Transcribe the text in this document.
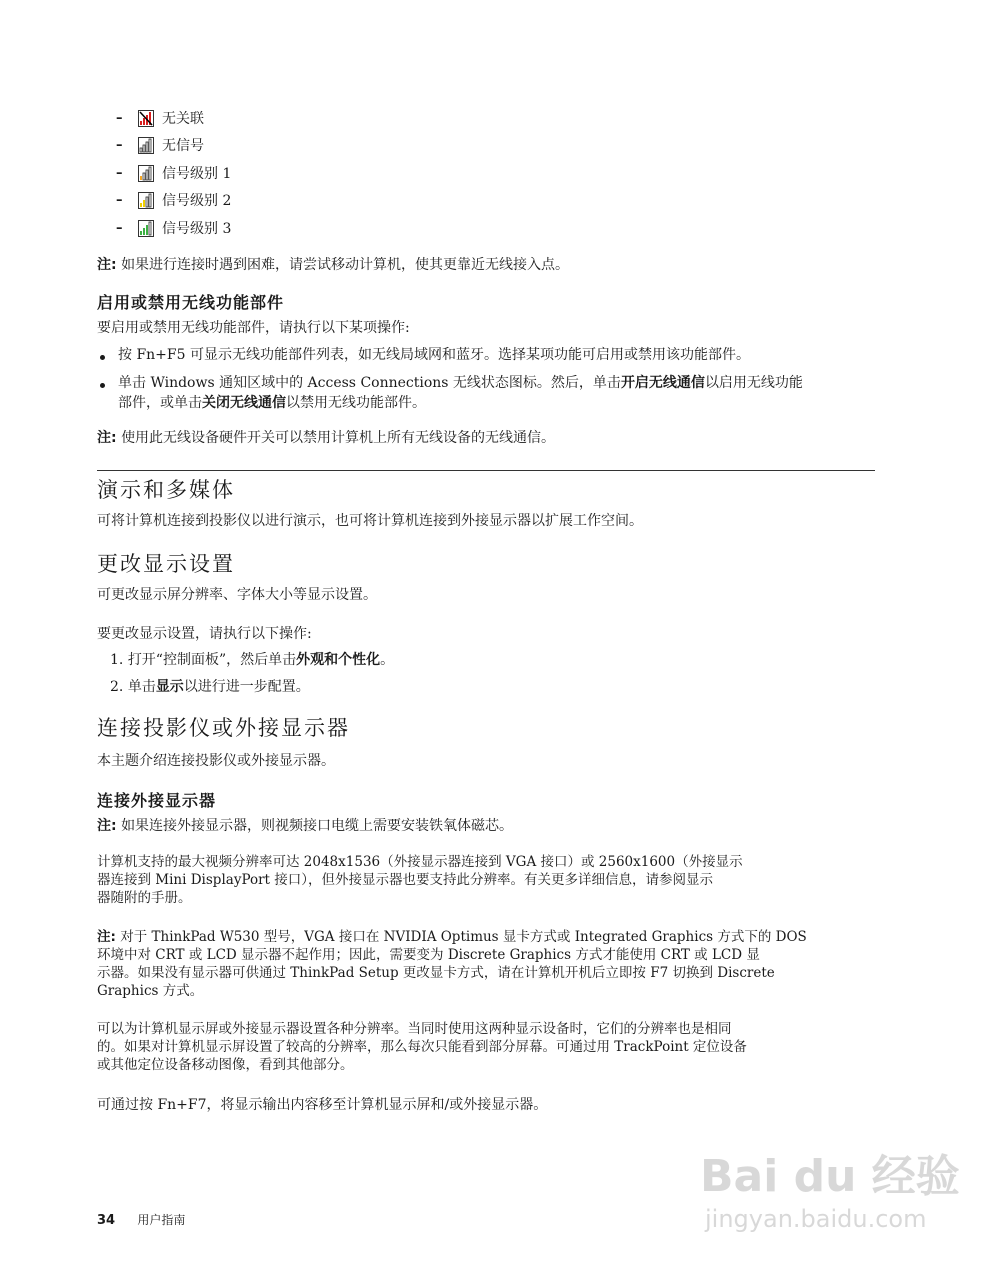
–	无关联
–	无信号
–	信号级别 1
–	信号级别 2
–	信号级别 3
注: 如果进行连接时遇到困难，请尝试移动计算机，使其更靠近无线接入点。
启用或禁用无线功能部件
要启用或禁用无线功能部件，请执行以下某项操作:
按 Fn+F5 可显示无线功能部件列表，如无线局域网和蓝牙。选择某项功能可启用或禁用该功能部件。
单击 Windows 通知区域中的 Access Connections 无线状态图标。然后，单击开启无线通信以启用无线功能
部件，或单击关闭无线通信以禁用无线功能部件。
注: 使用此无线设备硬件开关可以禁用计算机上所有无线设备的无线通信。
演示和多媒体
可将计算机连接到投影仪以进行演示，也可将计算机连接到外接显示器以扩展工作空间。
更改显示设置
可更改显示屏分辨率、字体大小等显示设置。
要更改显示设置，请执行以下操作:
1. 打开“控制面板”，然后单击外观和个性化。
2. 单击显示以进行进一步配置。
连接投影仪或外接显示器
本主题介绍连接投影仪或外接显示器。
连接外接显示器
注: 如果连接外接显示器，则视频接口电缆上需要安装铁氧体磁芯。
计算机支持的最大视频分辨率可达 2048x1536（外接显示器连接到 VGA 接口）或 2560x1600（外接显示
器连接到 Mini DisplayPort 接口），但外接显示器也要支持此分辨率。有关更多详细信息，请参阅显示
器随附的手册。
注: 对于 ThinkPad W530 型号，VGA 接口在 NVIDIA Optimus 显卡方式或 Integrated Graphics 方式下的 DOS
环境中对 CRT 或 LCD 显示器不起作用；因此，需要变为 Discrete Graphics 方式才能使用 CRT 或 LCD 显
示器。如果没有显示器可供通过 ThinkPad Setup 更改显卡方式，请在计算机开机后立即按 F7 切换到 Discrete
Graphics 方式。
可以为计算机显示屏或外接显示器设置各种分辨率。当同时使用这两种显示设备时，它们的分辨率也是相同
的。如果对计算机显示屏设置了较高的分辨率，那么每次只能看到部分屏幕。可通过用 TrackPoint 定位设备
或其他定位设备移动图像，看到其他部分。
可通过按 Fn+F7，将显示输出内容移至计算机显示屏和/或外接显示器。
34 用户指南
Bai du 经验
jingyan.baidu.com
